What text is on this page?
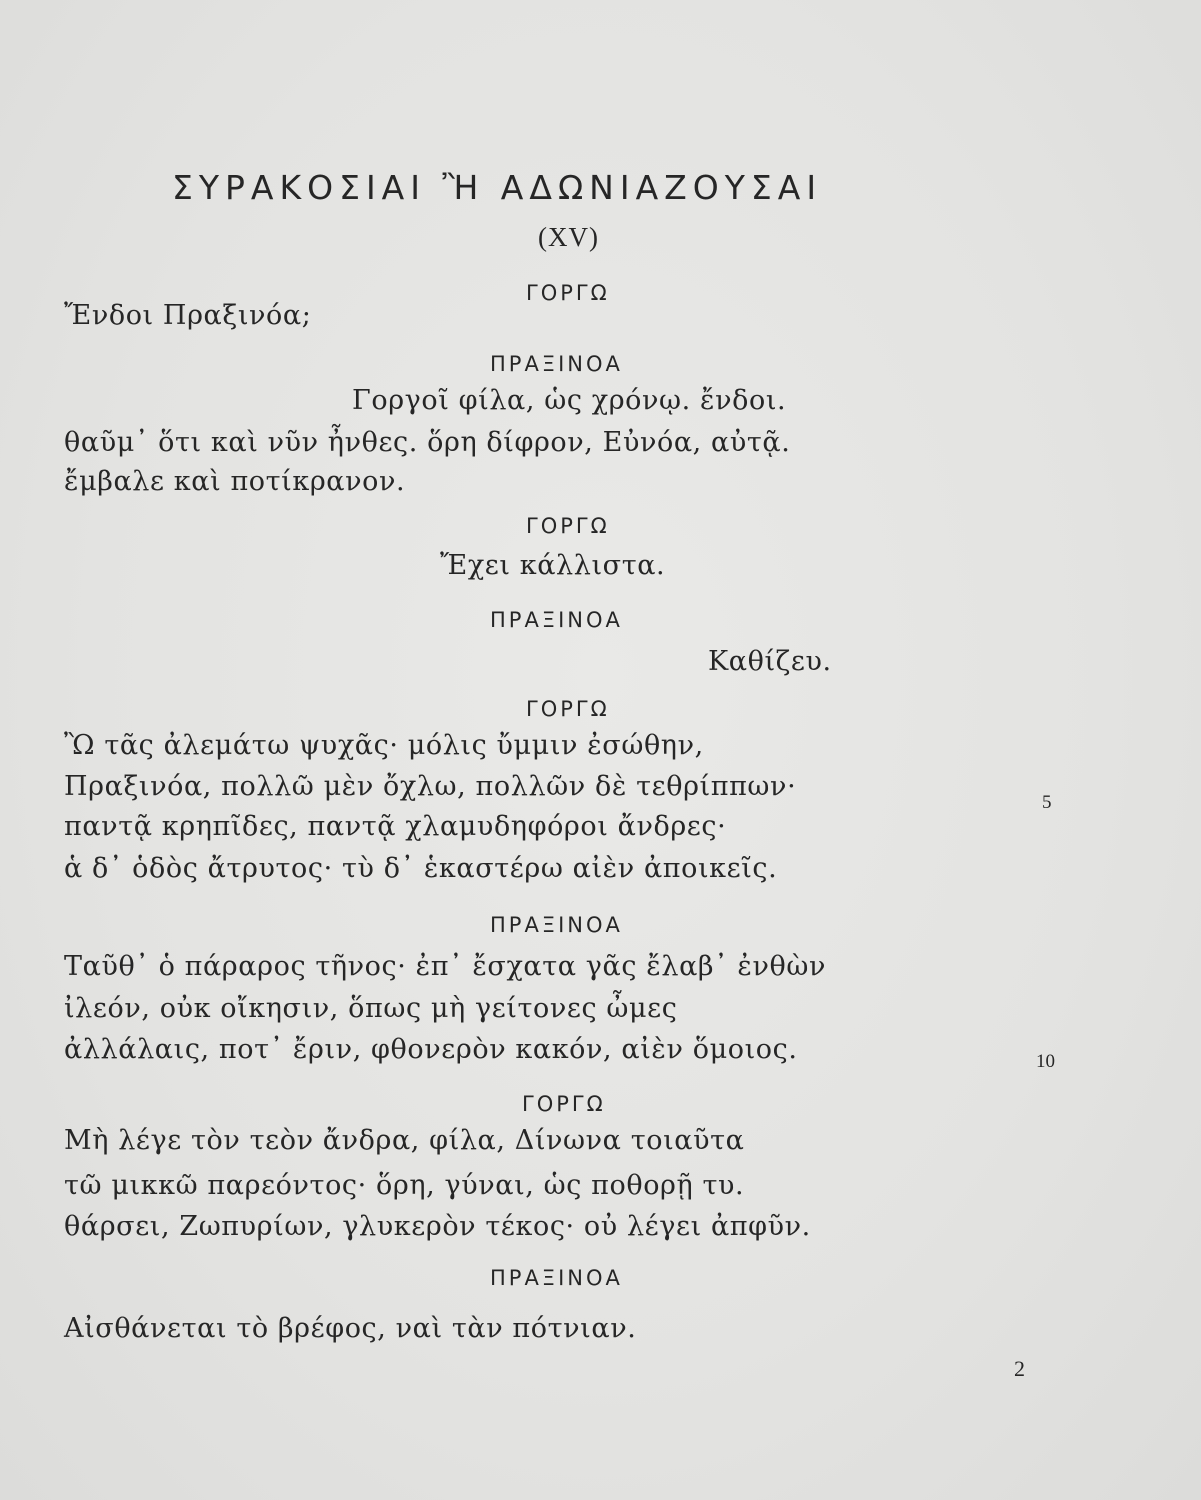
ΣΥΡΑΚΟΣΙΑΙ Ἢ ΑΔΩΝΙΑΖΟΥΣΑΙ

(XV)

ΓΟΡΓΩ

Ἔνδοι Πραξινόα;

ΠΡΑΞΙΝΟΑ

Γοργοῖ φίλα, ὡς χρόνῳ. ἔνδοι.

θαῦμ᾽ ὅτι καὶ νῦν ἦνθες. ὅρη δίφρον, Εὐνόα, αὐτᾷ.

ἔμβαλε καὶ ποτίκρανον.

ΓΟΡΓΩ

Ἔχει κάλλιστα.

ΠΡΑΞΙΝΟΑ

Καθίζευ.

ΓΟΡΓΩ

Ὢ τᾶς ἀλεμάτω ψυχᾶς· μόλις ὔμμιν ἐσώθην,

Πραξινόα, πολλῶ μὲν ὄχλω, πολλῶν δὲ τεθρίππων·

5

παντᾷ κρηπῖδες, παντᾷ χλαμυδηφόροι ἄνδρες·

ἁ δ᾽ ὁδὸς ἄτρυτος· τὺ δ᾽ ἑκαστέρω αἰὲν ἀποικεῖς.

ΠΡΑΞΙΝΟΑ

Ταῦθ᾽ ὁ πάραρος τῆνος· ἐπ᾽ ἔσχατα γᾶς ἔλαβ᾽ ἐνθὼν

ἰλεόν, οὐκ οἴκησιν, ὅπως μὴ γείτονες ὦμες

ἀλλάλαις, ποτ᾽ ἔριν, φθονερὸν κακόν, αἰὲν ὅμοιος.	10

ΓΟΡΓΩ

Μὴ λέγε τὸν τεὸν ἄνδρα, φίλα, Δίνωνα τοιαῦτα

τῶ μικκῶ παρεόντος· ὅρη, γύναι, ὡς ποθορῇ τυ.

θάρσει, Ζωπυρίων, γλυκερὸν τέκος· οὐ λέγει ἀπφῦν.

ΠΡΑΞΙΝΟΑ

Αἰσθάνεται τὸ βρέφος, ναὶ τὰν πότνιαν.

2
